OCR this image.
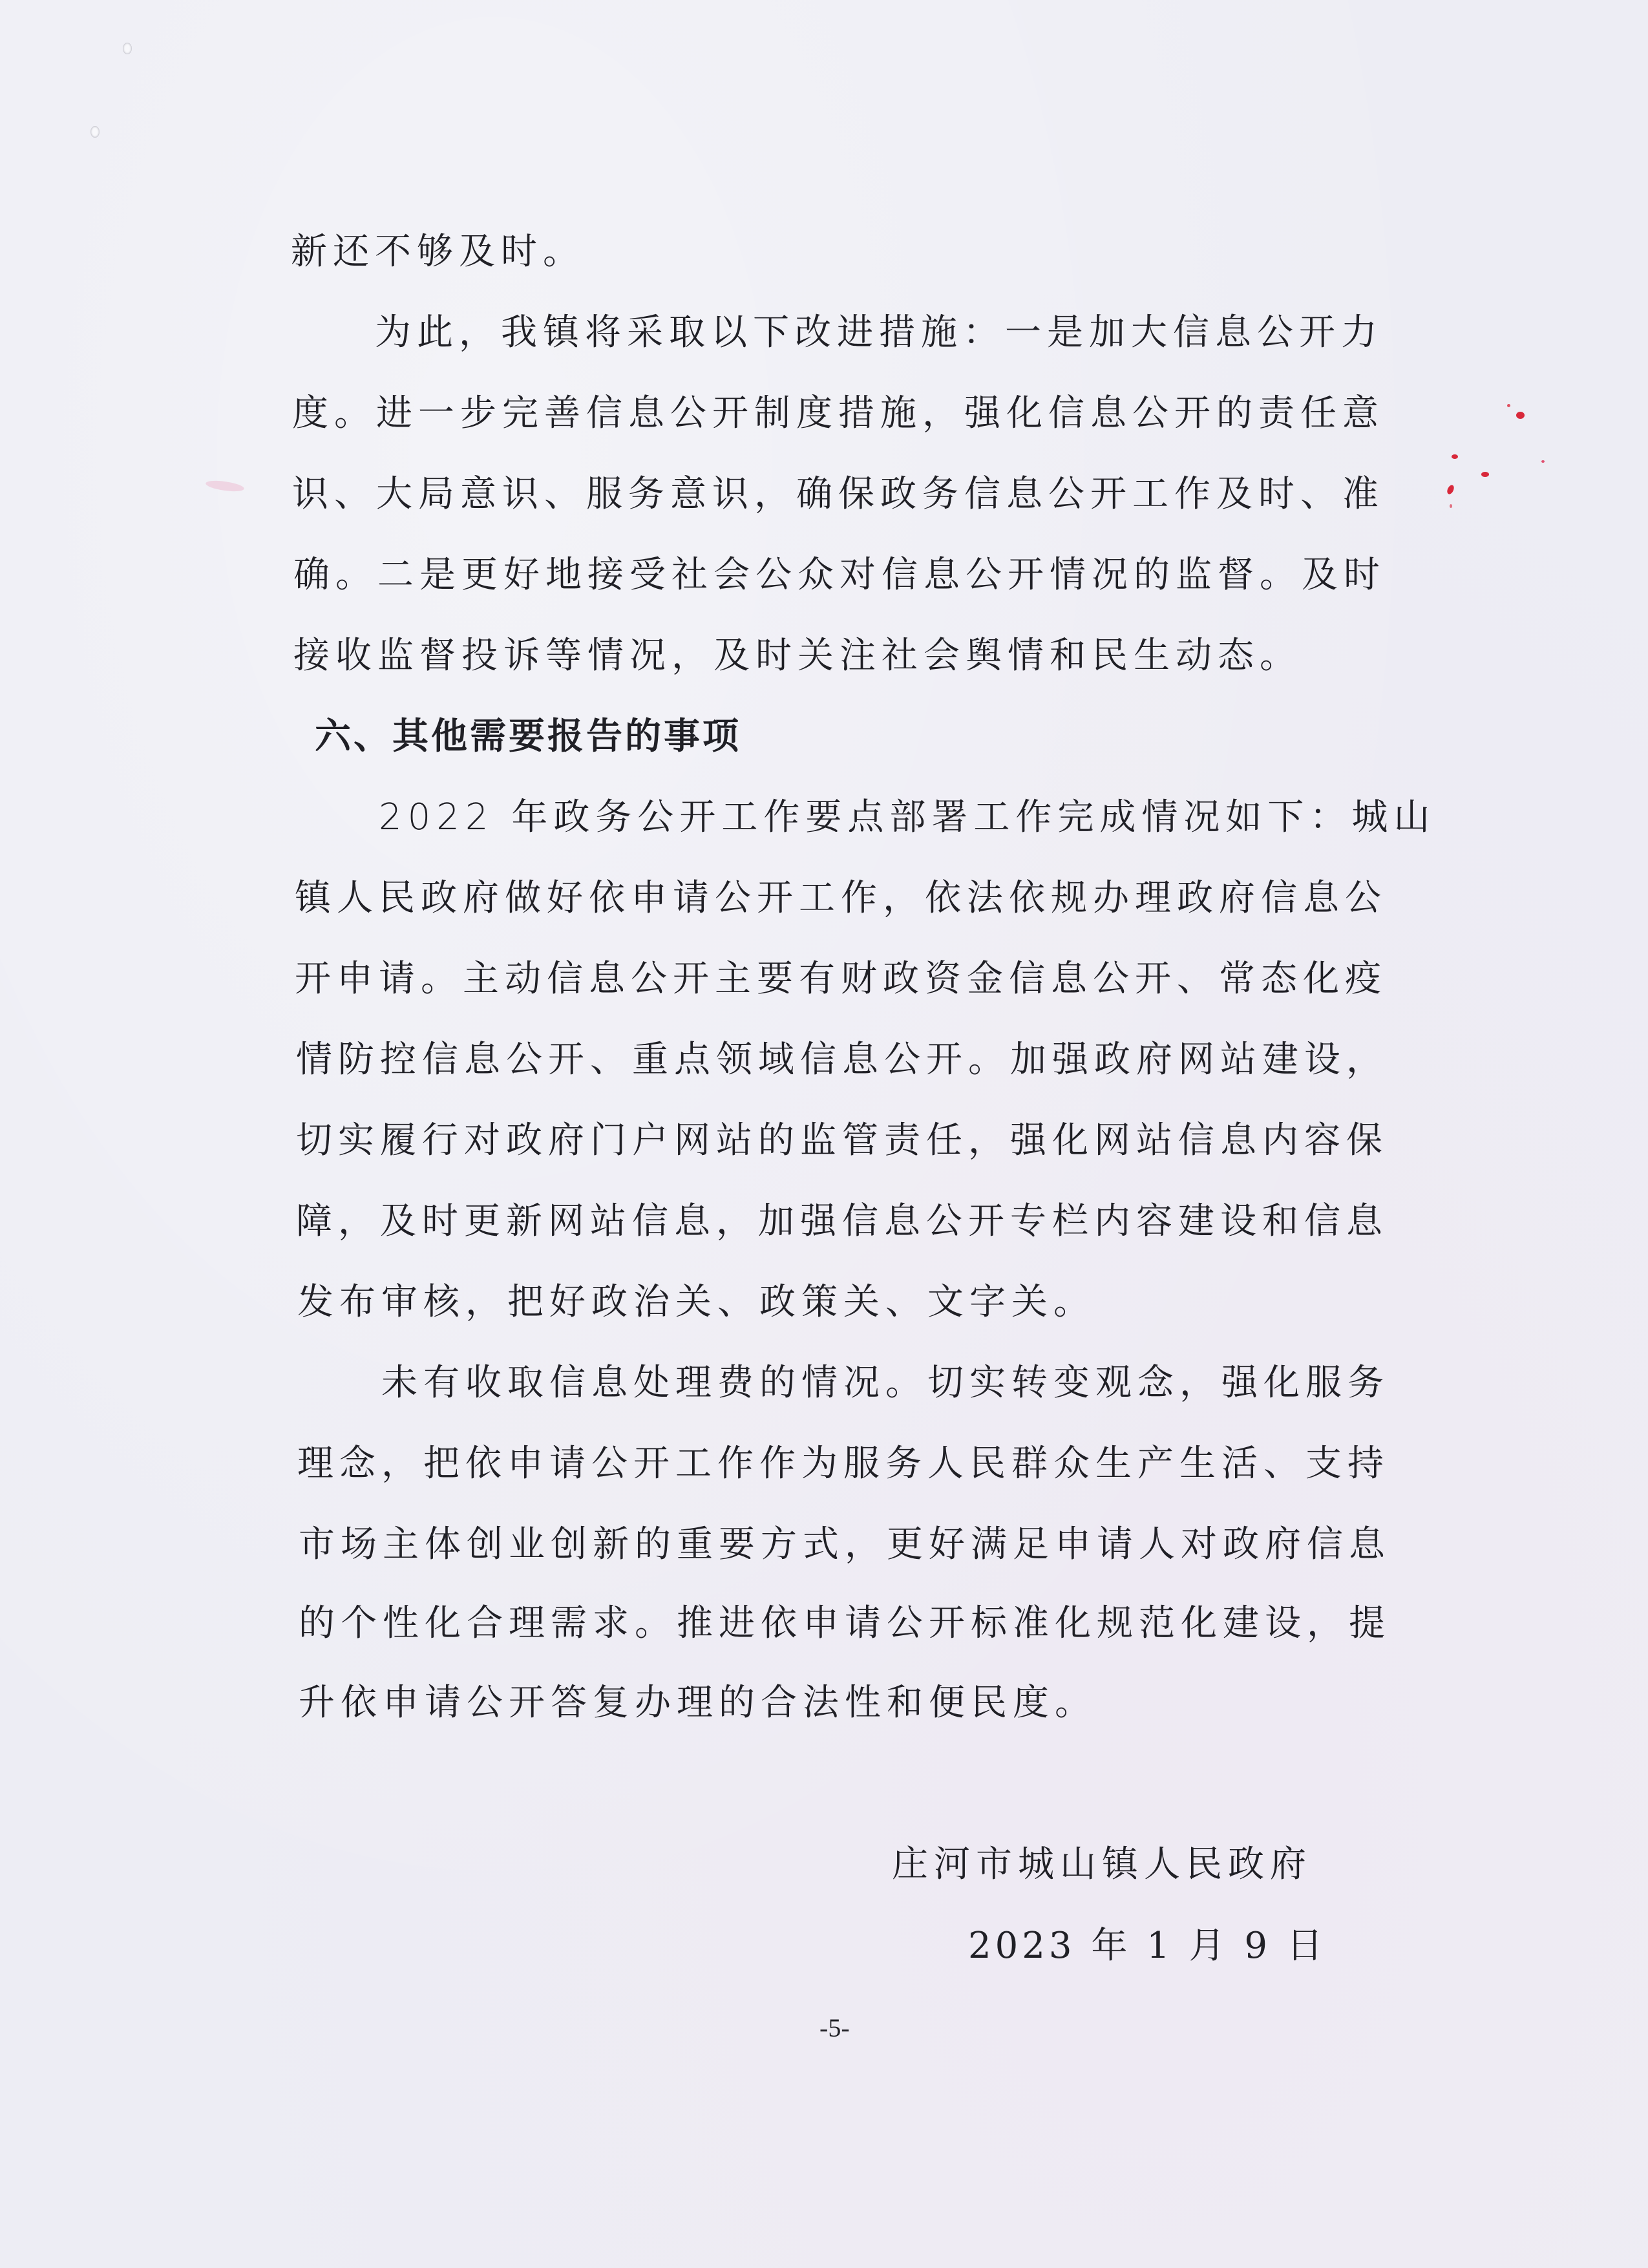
新还不够及时。
为此，我镇将采取以下改进措施：一是加大信息公开力
度。进一步完善信息公开制度措施，强化信息公开的责任意
识、大局意识、服务意识，确保政务信息公开工作及时、准
确。二是更好地接受社会公众对信息公开情况的监督。及时
接收监督投诉等情况，及时关注社会舆情和民生动态。
六、其他需要报告的事项
2022 年政务公开工作要点部署工作完成情况如下：城山
镇人民政府做好依申请公开工作，依法依规办理政府信息公
开申请。主动信息公开主要有财政资金信息公开、常态化疫
情防控信息公开、重点领域信息公开。加强政府网站建设，
切实履行对政府门户网站的监管责任，强化网站信息内容保
障，及时更新网站信息，加强信息公开专栏内容建设和信息
发布审核，把好政治关、政策关、文字关。
未有收取信息处理费的情况。切实转变观念，强化服务
理念，把依申请公开工作作为服务人民群众生产生活、支持
市场主体创业创新的重要方式，更好满足申请人对政府信息
的个性化合理需求。推进依申请公开标准化规范化建设，提
升依申请公开答复办理的合法性和便民度。
庄河市城山镇人民政府
2023 年 1 月 9 日
-5-
